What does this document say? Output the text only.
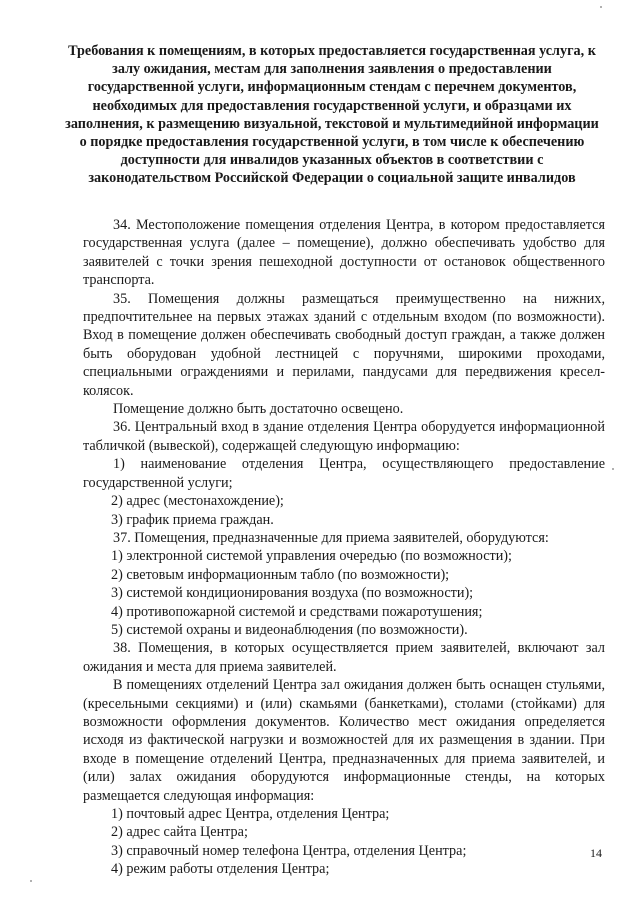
Требования к помещениям, в которых предоставляется государственная услуга, к залу ожидания, местам для заполнения заявления о предоставлении государственной услуги, информационным стендам с перечнем документов, необходимых для предоставления государственной услуги, и образцами их заполнения, к размещению визуальной, текстовой и мультимедийной информации о порядке предоставления государственной услуги, в том числе к обеспечению доступности для инвалидов указанных объектов в соответствии с законодательством Российской Федерации о социальной защите инвалидов

34. Местоположение помещения отделения Центра, в котором предоставляется государственная услуга (далее – помещение), должно обеспечивать удобство для заявителей с точки зрения пешеходной доступности от остановок общественного транспорта.

35. Помещения должны размещаться преимущественно на нижних, предпочтительнее на первых этажах зданий с отдельным входом (по возможности). Вход в помещение должен обеспечивать свободный доступ граждан, а также должен быть оборудован удобной лестницей с поручнями, широкими проходами, специальными ограждениями и перилами, пандусами для передвижения кресел-колясок.

Помещение должно быть достаточно освещено.

36. Центральный вход в здание отделения Центра оборудуется информационной табличкой (вывеской), содержащей следующую информацию:

1) наименование отделения Центра, осуществляющего предоставление государственной услуги;

2) адрес (местонахождение);

3) график приема граждан.

37. Помещения, предназначенные для приема заявителей, оборудуются:

1) электронной системой управления очередью (по возможности);

2) световым информационным табло (по возможности);

3) системой кондиционирования воздуха (по возможности);

4) противопожарной системой и средствами пожаротушения;

5) системой охраны и видеонаблюдения (по возможности).

38. Помещения, в которых осуществляется прием заявителей, включают зал ожидания и места для приема заявителей.

В помещениях отделений Центра зал ожидания должен быть оснащен стульями, (кресельными секциями) и (или) скамьями (банкетками), столами (стойками) для возможности оформления документов. Количество мест ожидания определяется исходя из фактической нагрузки и возможностей для их размещения в здании. При входе в помещение отделений Центра, предназначенных для приема заявителей, и (или) залах ожидания оборудуются информационные стенды, на которых размещается следующая информация:

1) почтовый адрес Центра, отделения Центра;

2) адрес сайта Центра;

3) справочный номер телефона Центра, отделения Центра;

4) режим работы отделения Центра;

14
